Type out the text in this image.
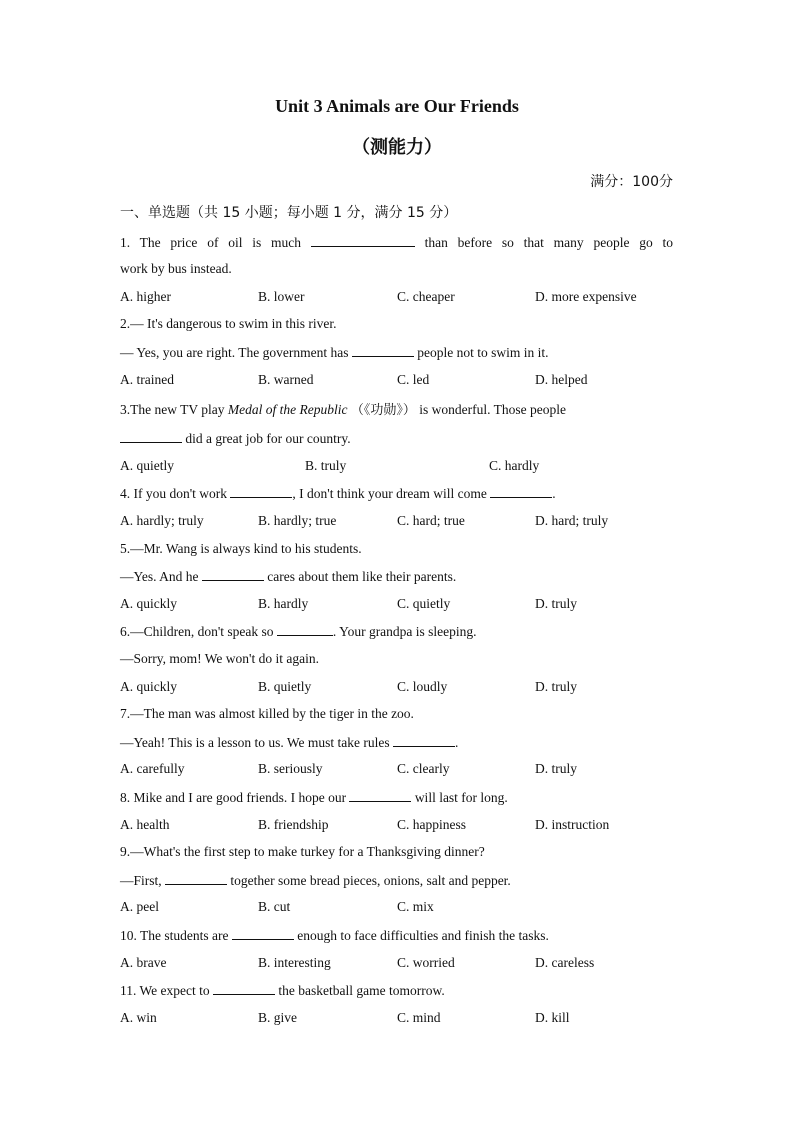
Unit 3 Animals are Our Friends
（测能力）
满分：100分
一、单选题（共 15 小题；每小题 1 分，满分 15 分）
1. The price of oil is much	than before so that many people go to
work by bus instead.
A. higher	B. lower	C. cheaper	D. more expensive
2.— It's dangerous to swim in this river.
— Yes, you are right. The government has	people not to swim in it.
A. trained	B. warned	C. led	D. helped
3.The new TV play Medal of the Republic （《功勋》） is wonderful. Those people
did a great job for our country.
A. quietly	B. truly	C. hardly
4. If you don't work	, I don't think your dream will come	.
A. hardly; truly	B. hardly; true	C. hard; true	D. hard; truly
5.—Mr. Wang is always kind to his students.
—Yes. And he	cares about them like their parents.
A. quickly	B. hardly	C. quietly	D. truly
6.—Children, don't speak so	. Your grandpa is sleeping.
—Sorry, mom! We won't do it again.
A. quickly	B. quietly	C. loudly	D. truly
7.—The man was almost killed by the tiger in the zoo.
—Yeah! This is a lesson to us. We must take rules	.
A. carefully	B. seriously	C. clearly	D. truly
8. Mike and I are good friends. I hope our	will last for long.
A. health	B. friendship	C. happiness	D. instruction
9.—What's the first step to make turkey for a Thanksgiving dinner?
—First,	together some bread pieces, onions, salt and pepper.
A. peel	B. cut	C. mix
10. The students are	enough to face difficulties and finish the tasks.
A. brave	B. interesting	C. worried	D. careless
11. We expect to	the basketball game tomorrow.
A. win	B. give	C. mind	D. kill
